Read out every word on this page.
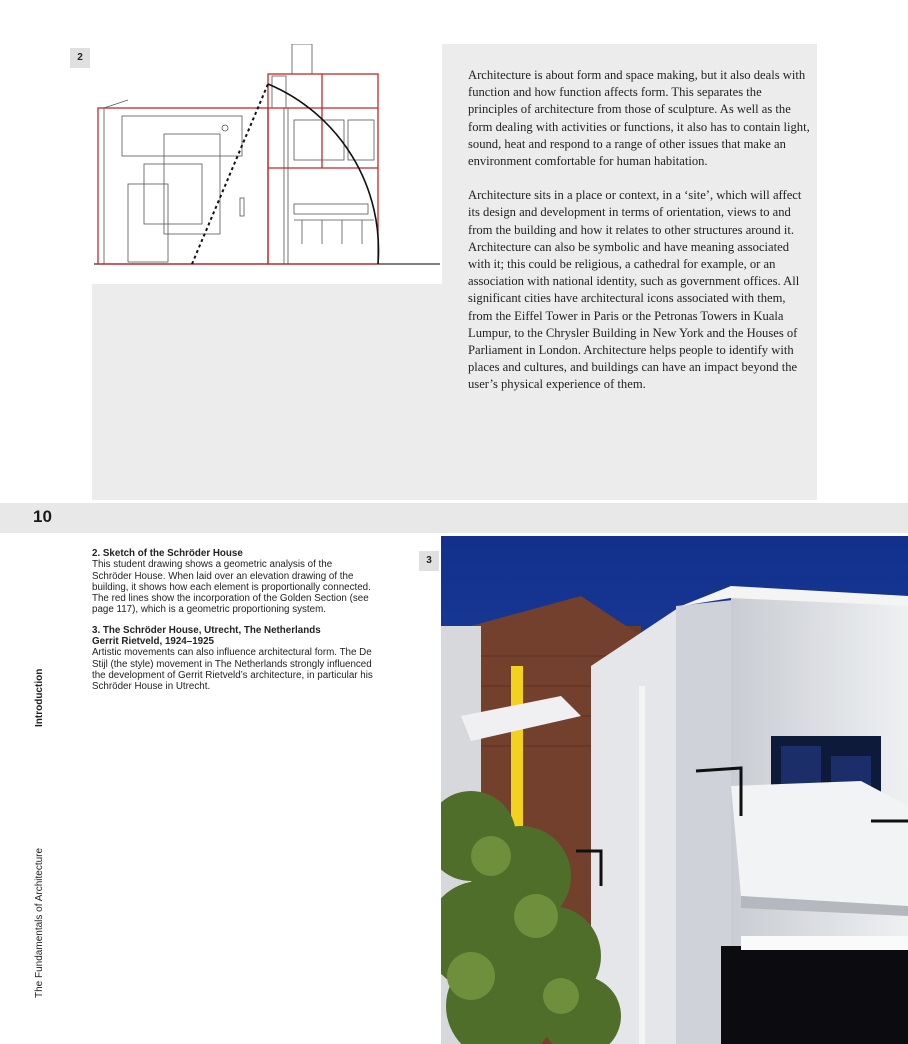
2

Architecture is about form and space making, but it also deals with function and how function affects form. This separates the principles of architecture from those of sculpture. As well as the form dealing with activities or functions, it also has to contain light, sound, heat and respond to a range of other issues that make an environment comfortable for human habitation.

Architecture sits in a place or context, in a ‘site’, which will affect its design and development in terms of orientation, views to and from the building and how it relates to other structures around it. Architecture can also be symbolic and have meaning associated with it; this could be religious, a cathedral for example, or an association with national identity, such as government offices. All significant cities have architectural icons associated with them, from the Eiffel Tower in Paris or the Petronas Towers in Kuala Lumpur, to the Chrysler Building in New York and the Houses of Parliament in London. Architecture helps people to identify with places and cultures, and buildings can have an impact beyond the user’s physical experience of them.

10

2. Sketch of the Schröder House
This student drawing shows a geometric analysis of the Schröder House. When laid over an elevation drawing of the building, it shows how each element is proportionally connected. The red lines show the incorporation of the Golden Section (see page 117), which is a geometric proportioning system.

3. The Schröder House, Utrecht, The Netherlands
Gerrit Rietveld, 1924–1925
Artistic movements can also influence architectural form. The De Stijl (the style) movement in The Netherlands strongly influenced the development of Gerrit Rietveld’s architecture, in particular his Schröder House in Utrecht.

Introduction
The Fundamentals of Architecture
3
